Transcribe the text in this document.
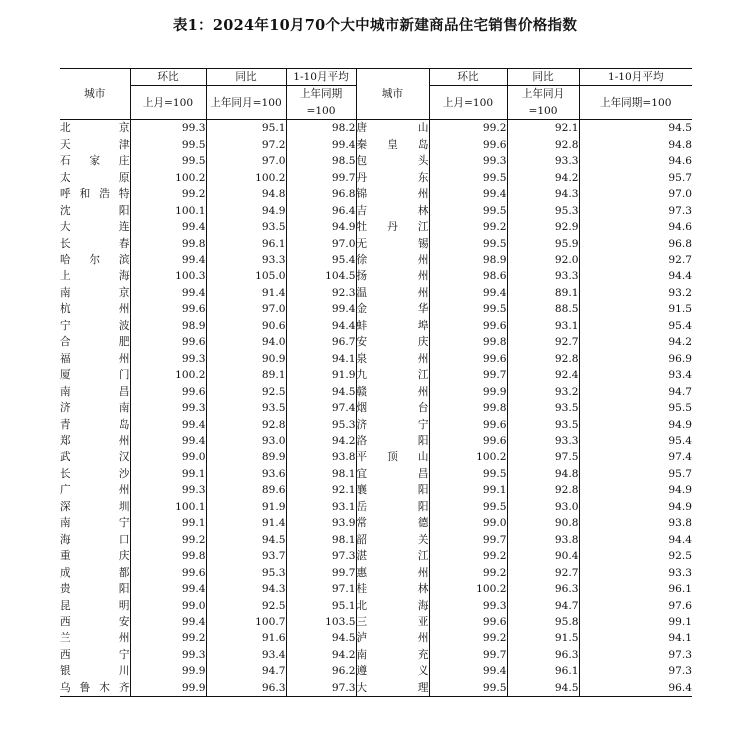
表1：2024年10月70个大中城市新建商品住宅销售价格指数
城市	环比	同比	1-10月平均	城市	环比	同比	1-10月平均
	上月=100	上年同月=100	上年同期=100		上月=100	上年同月=100	上年同期=100
北京	99.3	95.1	98.2	唐山	99.2	92.1	94.5
天津	99.5	97.2	99.4	秦皇岛	99.6	92.8	94.8
石家庄	99.5	97.0	98.5	包头	99.3	93.3	94.6
太原	100.2	100.2	99.7	丹东	99.5	94.2	95.7
呼和浩特	99.2	94.8	96.8	锦州	99.4	94.3	97.0
沈阳	100.1	94.9	96.4	吉林	99.5	95.3	97.3
大连	99.4	93.5	94.9	牡丹江	99.2	92.9	94.6
长春	99.8	96.1	97.0	无锡	99.5	95.9	96.8
哈尔滨	99.4	93.3	95.4	徐州	98.9	92.0	92.7
上海	100.3	105.0	104.5	扬州	98.6	93.3	94.4
南京	99.4	91.4	92.3	温州	99.4	89.1	93.2
杭州	99.6	97.0	99.4	金华	99.5	88.5	91.5
宁波	98.9	90.6	94.4	蚌埠	99.6	93.1	95.4
合肥	99.6	94.0	96.7	安庆	99.8	92.7	94.2
福州	99.3	90.9	94.1	泉州	99.6	92.8	96.9
厦门	100.2	89.1	91.9	九江	99.7	92.4	93.4
南昌	99.6	92.5	94.5	赣州	99.9	93.2	94.7
济南	99.3	93.5	97.4	烟台	99.8	93.5	95.5
青岛	99.4	92.8	95.3	济宁	99.6	93.5	94.9
郑州	99.4	93.0	94.2	洛阳	99.6	93.3	95.4
武汉	99.0	89.9	93.8	平顶山	100.2	97.5	97.4
长沙	99.1	93.6	98.1	宜昌	99.5	94.8	95.7
广州	99.3	89.6	92.1	襄阳	99.1	92.8	94.9
深圳	100.1	91.9	93.1	岳阳	99.5	93.0	94.9
南宁	99.1	91.4	93.9	常德	99.0	90.8	93.8
海口	99.2	94.5	98.1	韶关	99.7	93.8	94.4
重庆	99.8	93.7	97.3	湛江	99.2	90.4	92.5
成都	99.6	95.3	99.7	惠州	99.2	92.7	93.3
贵阳	99.4	94.3	97.1	桂林	100.2	96.3	96.1
昆明	99.0	92.5	95.1	北海	99.3	94.7	97.6
西安	99.4	100.7	103.5	三亚	99.6	95.8	99.1
兰州	99.2	91.6	94.5	泸州	99.2	91.5	94.1
西宁	99.3	93.4	94.2	南充	99.7	96.3	97.3
银川	99.9	94.7	96.2	遵义	99.4	96.1	97.3
乌鲁木齐	99.9	96.3	97.3	大理	99.5	94.5	96.4
